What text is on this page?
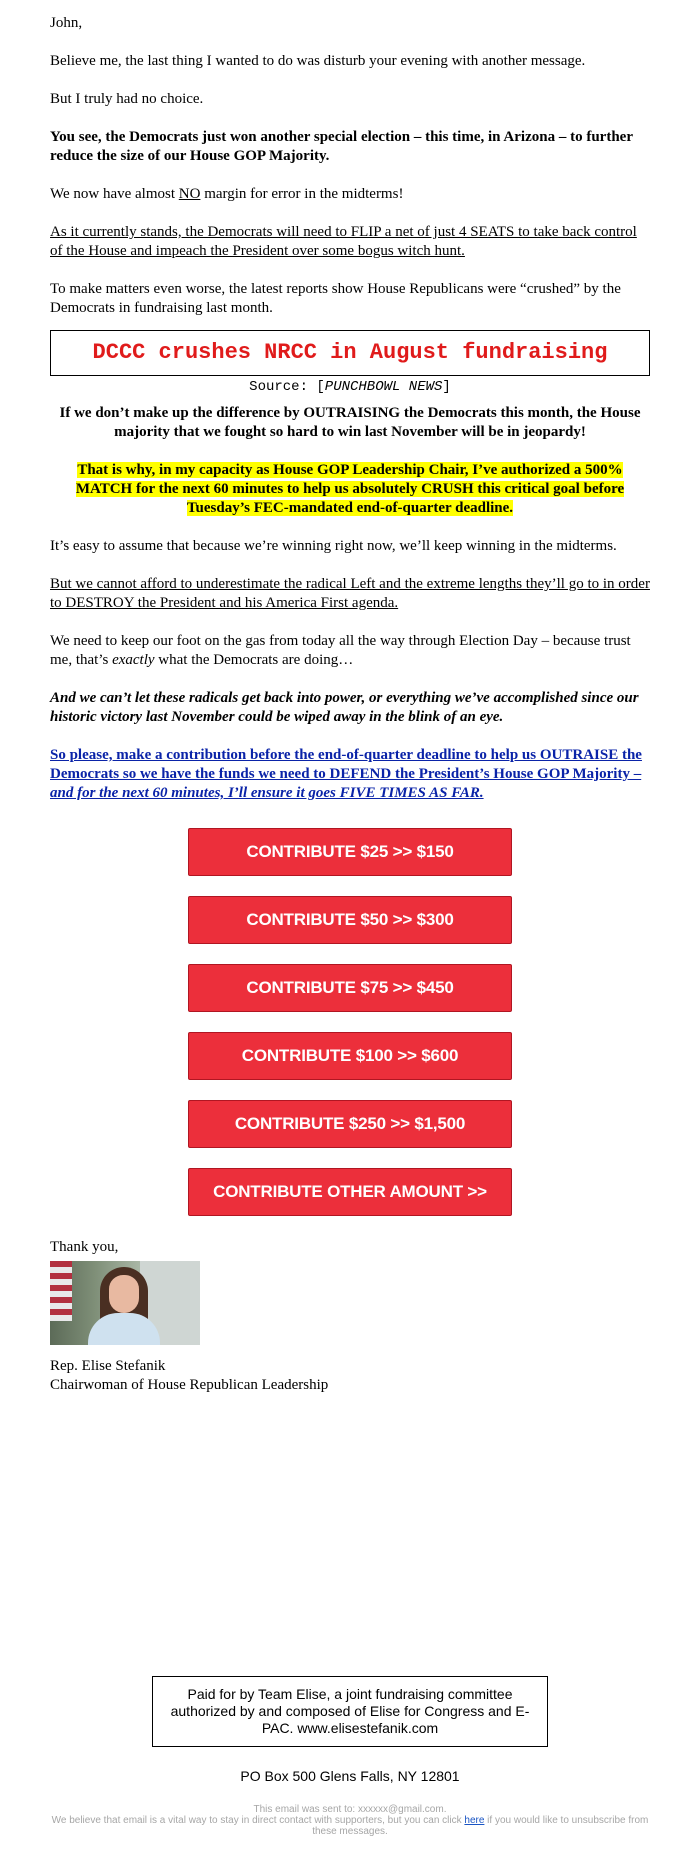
John,

Believe me, the last thing I wanted to do was disturb your evening with another message.

But I truly had no choice.

You see, the Democrats just won another special election – this time, in Arizona – to further reduce the size of our House GOP Majority.

We now have almost NO margin for error in the midterms!

As it currently stands, the Democrats will need to FLIP a net of just 4 SEATS to take back control of the House and impeach the President over some bogus witch hunt.

To make matters even worse, the latest reports show House Republicans were “crushed” by the Democrats in fundraising last month.

DCCC crushes NRCC in August fundraising
Source: [PUNCHBOWL NEWS]

If we don’t make up the difference by OUTRAISING the Democrats this month, the House majority that we fought so hard to win last November will be in jeopardy!

That is why, in my capacity as House GOP Leadership Chair, I’ve authorized a 500% MATCH for the next 60 minutes to help us absolutely CRUSH this critical goal before Tuesday’s FEC-mandated end-of-quarter deadline.

It’s easy to assume that because we’re winning right now, we’ll keep winning in the midterms.

But we cannot afford to underestimate the radical Left and the extreme lengths they’ll go to in order to DESTROY the President and his America First agenda.

We need to keep our foot on the gas from today all the way through Election Day – because trust me, that’s exactly what the Democrats are doing…

And we can’t let these radicals get back into power, or everything we’ve accomplished since our historic victory last November could be wiped away in the blink of an eye.

So please, make a contribution before the end-of-quarter deadline to help us OUTRAISE the Democrats so we have the funds we need to DEFEND the President’s House GOP Majority – and for the next 60 minutes, I’ll ensure it goes FIVE TIMES AS FAR.

CONTRIBUTE $25 >> $150
CONTRIBUTE $50 >> $300
CONTRIBUTE $75 >> $450
CONTRIBUTE $100 >> $600
CONTRIBUTE $250 >> $1,500
CONTRIBUTE OTHER AMOUNT >>

Thank you,

Rep. Elise Stefanik
Chairwoman of House Republican Leadership
Paid for by Team Elise, a joint fundraising committee authorized by and composed of Elise for Congress and E-PAC. www.elisestefanik.com
PO Box 500 Glens Falls, NY 12801
This email was sent to: xxxxxx@gmail.com.
We believe that email is a vital way to stay in direct contact with supporters, but you can click here if you would like to unsubscribe from these messages.
